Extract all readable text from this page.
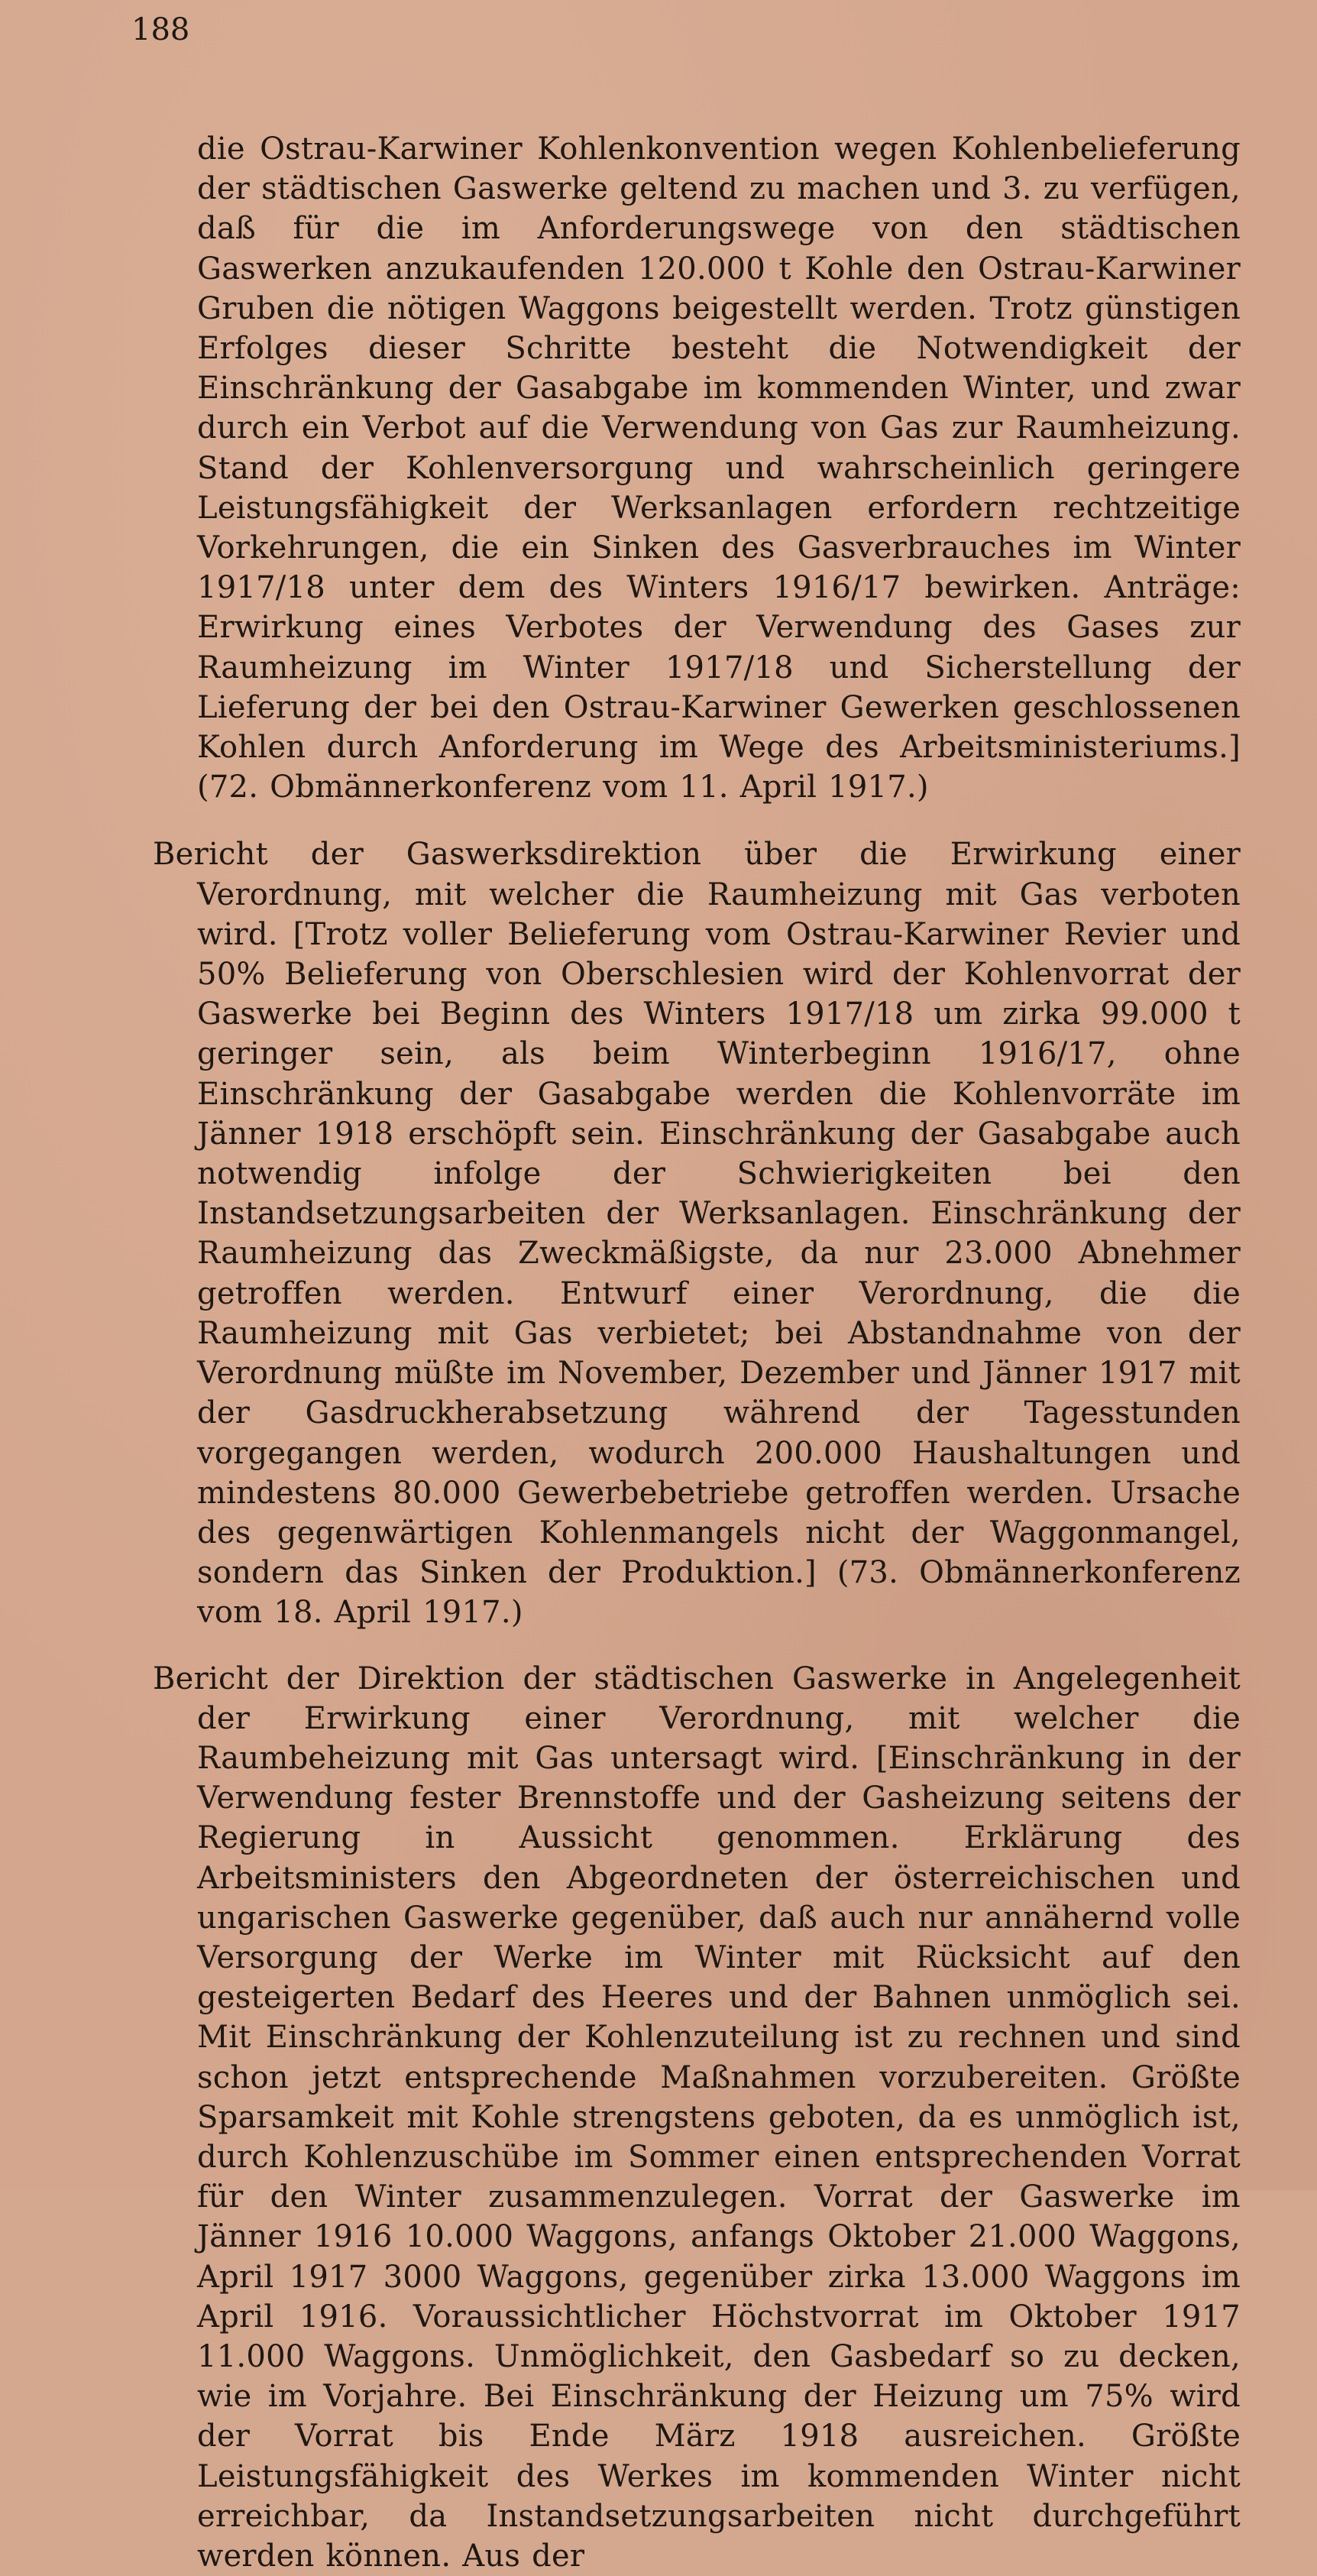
188

die Ostrau-Karwiner Kohlenkonvention wegen Kohlenbelieferung der städtischen Gaswerke geltend zu machen und 3. zu verfügen, daß für die im Anforderungswege von den städtischen Gaswerken anzukaufenden 120.000 t Kohle den Ostrau-Karwiner Gruben die nötigen Waggons beigestellt werden. Trotz günstigen Erfolges dieser Schritte besteht die Notwendigkeit der Einschränkung der Gasabgabe im kommenden Winter, und zwar durch ein Verbot auf die Verwendung von Gas zur Raumheizung. Stand der Kohlenversorgung und wahrscheinlich geringere Leistungsfähigkeit der Werksanlagen erfordern rechtzeitige Vorkehrungen, die ein Sinken des Gasverbrauches im Winter 1917/18 unter dem des Winters 1916/17 bewirken. Anträge: Erwirkung eines Verbotes der Verwendung des Gases zur Raumheizung im Winter 1917/18 und Sicherstellung der Lieferung der bei den Ostrau-Karwiner Gewerken geschlossenen Kohlen durch Anforderung im Wege des Arbeitsministeriums.] (72. Obmännerkonferenz vom 11. April 1917.)

Bericht der Gaswerksdirektion über die Erwirkung einer Verordnung, mit welcher die Raumheizung mit Gas verboten wird. [Trotz voller Belieferung vom Ostrau-Karwiner Revier und 50% Belieferung von Oberschlesien wird der Kohlenvorrat der Gaswerke bei Beginn des Winters 1917/18 um zirka 99.000 t geringer sein, als beim Winterbeginn 1916/17, ohne Einschränkung der Gasabgabe werden die Kohlenvorräte im Jänner 1918 erschöpft sein. Einschränkung der Gasabgabe auch notwendig infolge der Schwierigkeiten bei den Instandsetzungsarbeiten der Werksanlagen. Einschränkung der Raumheizung das Zweckmäßigste, da nur 23.000 Abnehmer getroffen werden. Entwurf einer Verordnung, die die Raumheizung mit Gas verbietet; bei Abstandnahme von der Verordnung müßte im November, Dezember und Jänner 1917 mit der Gasdruckherabsetzung während der Tagesstunden vorgegangen werden, wodurch 200.000 Haushaltungen und mindestens 80.000 Gewerbebetriebe getroffen werden. Ursache des gegenwärtigen Kohlenmangels nicht der Waggonmangel, sondern das Sinken der Produktion.] (73. Obmännerkonferenz vom 18. April 1917.)

Bericht der Direktion der städtischen Gaswerke in Angelegenheit der Erwirkung einer Verordnung, mit welcher die Raumbeheizung mit Gas untersagt wird. [Einschränkung in der Verwendung fester Brennstoffe und der Gasheizung seitens der Regierung in Aussicht genommen. Erklärung des Arbeitsministers den Abgeordneten der österreichischen und ungarischen Gaswerke gegenüber, daß auch nur annähernd volle Versorgung der Werke im Winter mit Rücksicht auf den gesteigerten Bedarf des Heeres und der Bahnen unmöglich sei. Mit Einschränkung der Kohlenzuteilung ist zu rechnen und sind schon jetzt entsprechende Maßnahmen vorzubereiten. Größte Sparsamkeit mit Kohle strengstens geboten, da es unmöglich ist, durch Kohlenzuschübe im Sommer einen entsprechenden Vorrat für den Winter zusammenzulegen. Vorrat der Gaswerke im Jänner 1916 10.000 Waggons, anfangs Oktober 21.000 Waggons, April 1917 3000 Waggons, gegenüber zirka 13.000 Waggons im April 1916. Voraussichtlicher Höchstvorrat im Oktober 1917 11.000 Waggons. Unmöglichkeit, den Gasbedarf so zu decken, wie im Vorjahre. Bei Einschränkung der Heizung um 75% wird der Vorrat bis Ende März 1918 ausreichen. Größte Leistungsfähigkeit des Werkes im kommenden Winter nicht erreichbar, da Instandsetzungsarbeiten nicht durchgeführt werden können. Aus der
